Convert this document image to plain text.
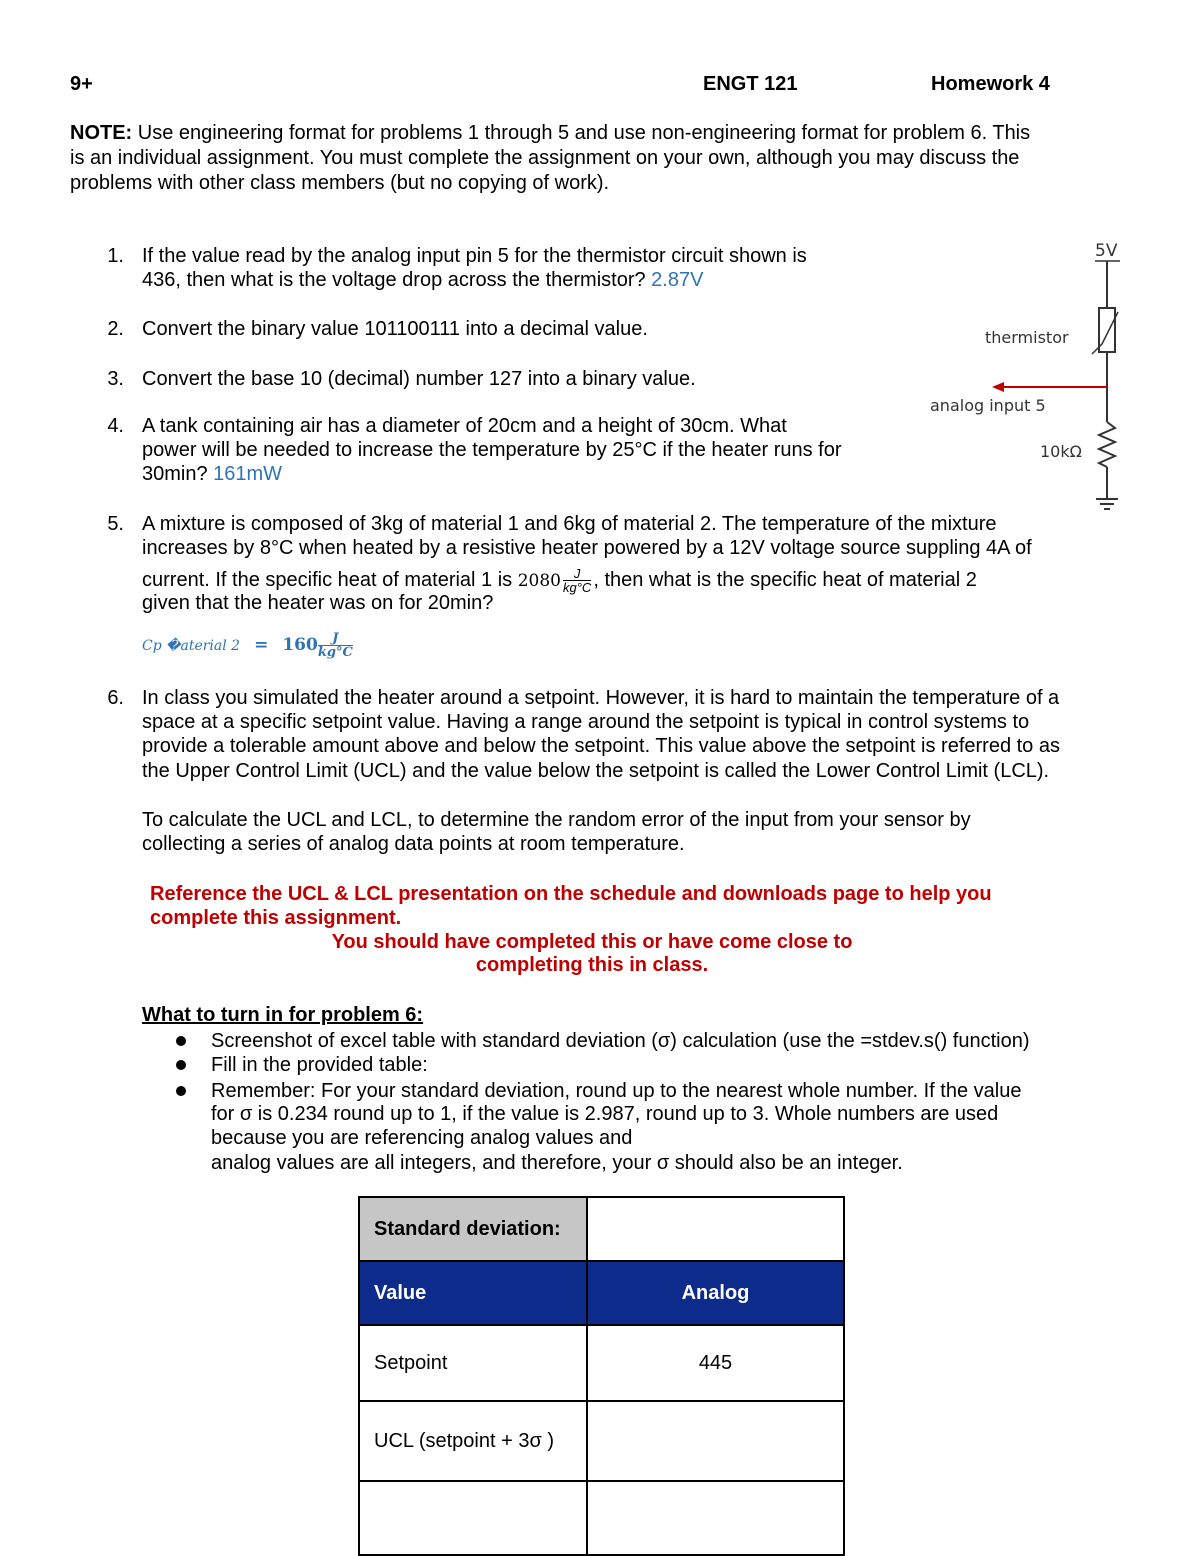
9+	ENGT 121	Homework 4
NOTE: Use engineering format for problems 1 through 5 and use non-engineering format for problem 6. This
is an individual assignment. You must complete the assignment on your own, although you may discuss the
problems with other class members (but no copying of work).
1. If the value read by the analog input pin 5 for the thermistor circuit shown is
436, then what is the voltage drop across the thermistor? 2.87V
2. Convert the binary value 101100111 into a decimal value.
3. Convert the base 10 (decimal) number 127 into a binary value.
4. A tank containing air has a diameter of 20cm and a height of 30cm. What
power will be needed to increase the temperature by 25°C if the heater runs for
30min? 161mW
5V
thermistor
analog input 5
10kΩ
5. A mixture is composed of 3kg of material 1 and 6kg of material 2. The temperature of the mixture
increases by 8°C when heated by a resistive heater powered by a 12V voltage source suppling 4A of
current. If the specific heat of material 1 is $2080 \frac{J}{kg^\circ C}$ , then what is the specific heat of material 2
given that the heater was on for 20min?
Cp �aterial $2 = 160 \frac{J}{kg^\circ C}$
6. In class you simulated the heater around a setpoint. However, it is hard to maintain the temperature of a
space at a specific setpoint value. Having a range around the setpoint is typical in control systems to
provide a tolerable amount above and below the setpoint. This value above the setpoint is referred to as
the Upper Control Limit (UCL) and the value below the setpoint is called the Lower Control Limit (LCL).
To calculate the UCL and LCL, to determine the random error of the input from your sensor by
collecting a series of analog data points at room temperature.
Reference the UCL & LCL presentation on the schedule and downloads page to help you
complete this assignment.
You should have completed this or have come close to
completing this in class.
What to turn in for problem 6:
Screenshot of excel table with standard deviation (σ) calculation (use the =stdev.s() function)
Fill in the provided table:
Remember: For your standard deviation, round up to the nearest whole number. If the value
for σ is 0.234 round up to 1, if the value is 2.987, round up to 3. Whole numbers are used
because you are referencing analog values and
analog values are all integers, and therefore, your σ should also be an integer.
Standard deviation:	
Value	Analog
Setpoint	445
UCL (setpoint + 3σ )	
